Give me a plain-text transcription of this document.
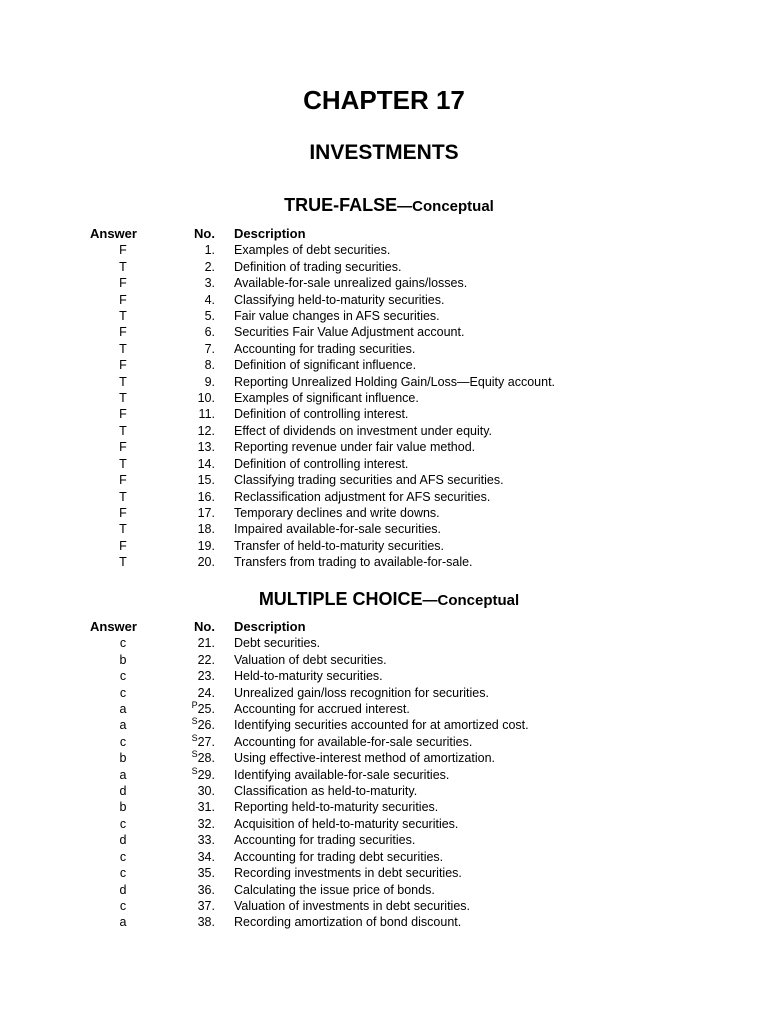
CHAPTER 17
INVESTMENTS
TRUE-FALSE—Conceptual
Answer	No.		Description
F	1.		Examples of debt securities.
T	2.		Definition of trading securities.
F	3.		Available-for-sale unrealized gains/losses.
F	4.		Classifying held-to-maturity securities.
T	5.		Fair value changes in AFS securities.
F	6.		Securities Fair Value Adjustment account.
T	7.		Accounting for trading securities.
F	8.		Definition of significant influence.
T	9.		Reporting Unrealized Holding Gain/Loss—Equity account.
T	10.		Examples of significant influence.
F	11.		Definition of controlling interest.
T	12.		Effect of dividends on investment under equity.
F	13.		Reporting revenue under fair value method.
T	14.		Definition of controlling interest.
F	15.		Classifying trading securities and AFS securities.
T	16.		Reclassification adjustment for AFS securities.
F	17.		Temporary declines and write downs.
T	18.		Impaired available-for-sale securities.
F	19.		Transfer of held-to-maturity securities.
T	20.		Transfers from trading to available-for-sale.
MULTIPLE CHOICE—Conceptual
Answer	No.		Description
c	21.		Debt securities.
b	22.		Valuation of debt securities.
c	23.		Held-to-maturity securities.
c	24.		Unrealized gain/loss recognition for securities.
a	$^P$25.		Accounting for accrued interest.
a	$^S$26.		Identifying securities accounted for at amortized cost.
c	$^S$27.		Accounting for available-for-sale securities.
b	$^S$28.		Using effective-interest method of amortization.
a	$^S$29.		Identifying available-for-sale securities.
d	30.		Classification as held-to-maturity.
b	31.		Reporting held-to-maturity securities.
c	32.		Acquisition of held-to-maturity securities.
d	33.		Accounting for trading securities.
c	34.		Accounting for trading debt securities.
c	35.		Recording investments in debt securities.
d	36.		Calculating the issue price of bonds.
c	37.		Valuation of investments in debt securities.
a	38.		Recording amortization of bond discount.
